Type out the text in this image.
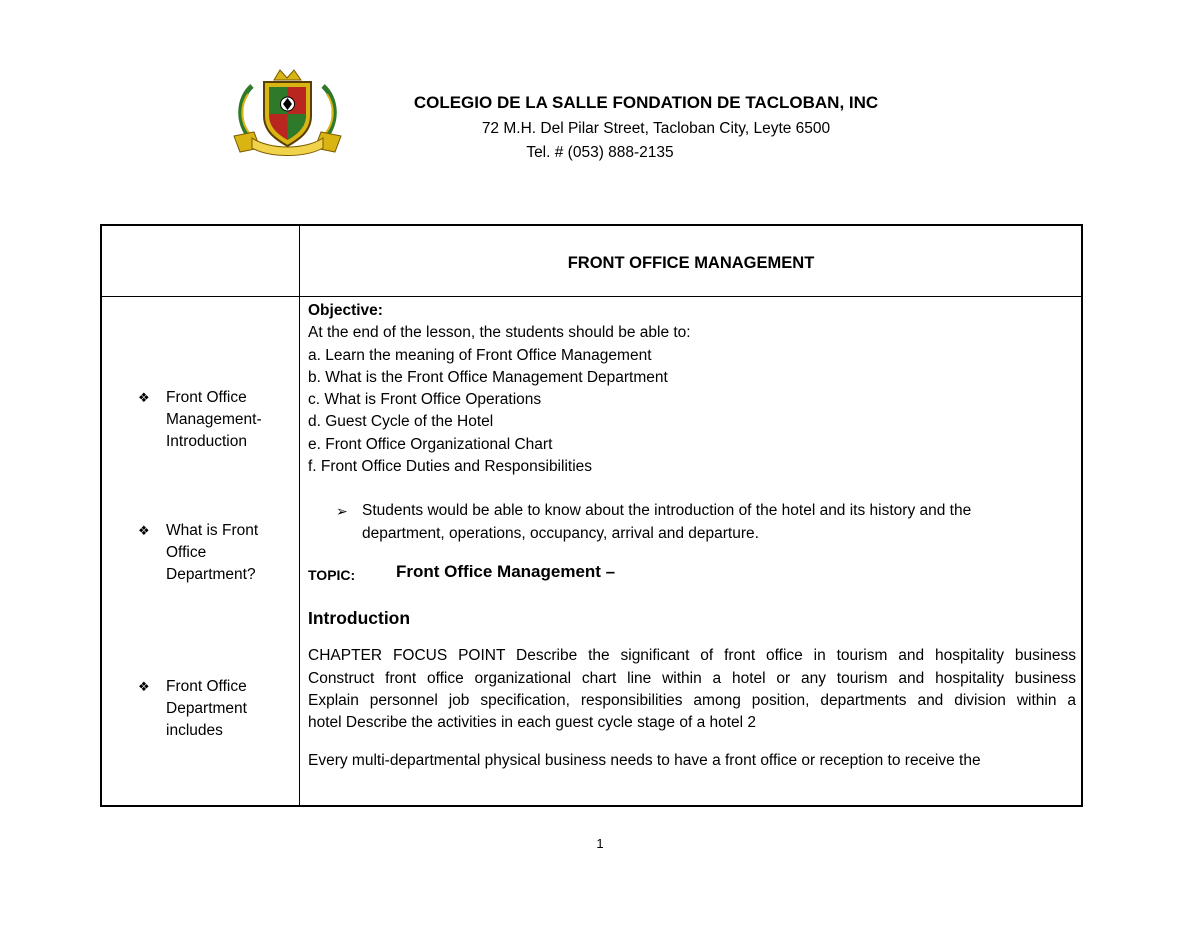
COLEGIO DE LA SALLE FONDATION DE TACLOBAN, INC
72 M.H. Del Pilar Street, Tacloban City, Leyte 6500
Tel. # (053) 888-2135
FRONT OFFICE MANAGEMENT
❖ Front Office
Management-
Introduction
❖ What is Front
Office
Department?
❖ Front Office
Department
includes
Objective:
At the end of the lesson, the students should be able to:
a. Learn the meaning of Front Office Management
b. What is the Front Office Management Department
c. What is Front Office Operations
d. Guest Cycle of the Hotel
e. Front Office Organizational Chart
f. Front Office Duties and Responsibilities
➢ Students would be able to know about the introduction of the hotel and its history and the
department, operations, occupancy, arrival and departure.
TOPIC: Front Office Management –
Introduction
CHAPTER FOCUS POINT Describe the significant of front office in tourism and hospitality business
Construct front office organizational chart line within a hotel or any tourism and hospitality business
Explain personnel job specification, responsibilities among position, departments and division within a
hotel Describe the activities in each guest cycle stage of a hotel 2
Every multi-departmental physical business needs to have a front office or reception to receive the
1
